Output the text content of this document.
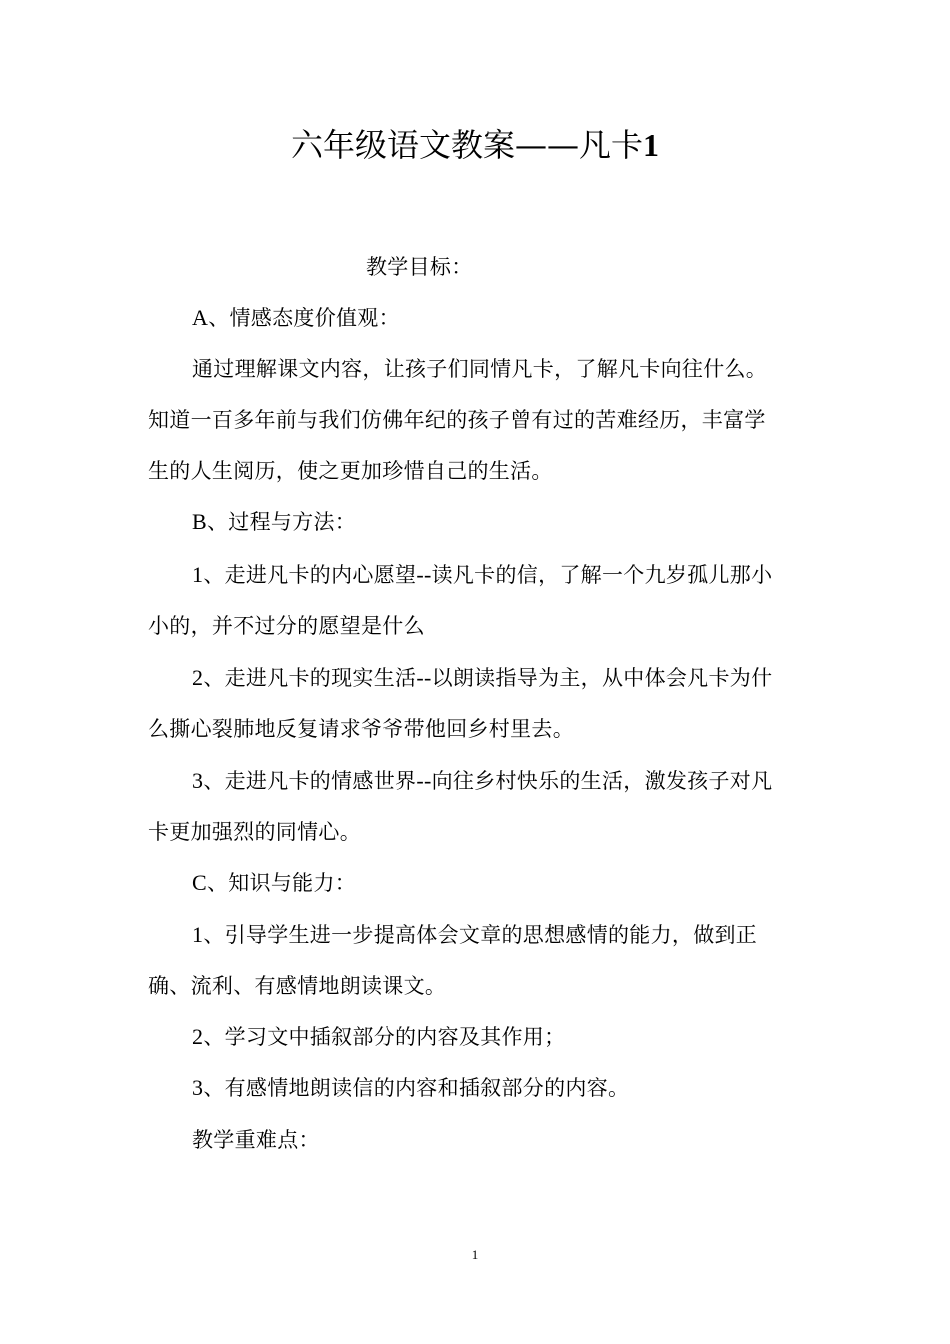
六年级语文教案——凡卡1
教学目标：
A、情感态度价值观：
通过理解课文内容，让孩子们同情凡卡，了解凡卡向往什么。
知道一百多年前与我们仿佛年纪的孩子曾有过的苦难经历，丰富学
生的人生阅历，使之更加珍惜自己的生活。
B、过程与方法：
1、走进凡卡的内心愿望--读凡卡的信，了解一个九岁孤儿那小
小的，并不过分的愿望是什么
2、走进凡卡的现实生活--以朗读指导为主，从中体会凡卡为什
么撕心裂肺地反复请求爷爷带他回乡村里去。
3、走进凡卡的情感世界--向往乡村快乐的生活，激发孩子对凡
卡更加强烈的同情心。
C、知识与能力：
1、引导学生进一步提高体会文章的思想感情的能力，做到正
确、流利、有感情地朗读课文。
2、学习文中插叙部分的内容及其作用；
3、有感情地朗读信的内容和插叙部分的内容。
教学重难点：
1
